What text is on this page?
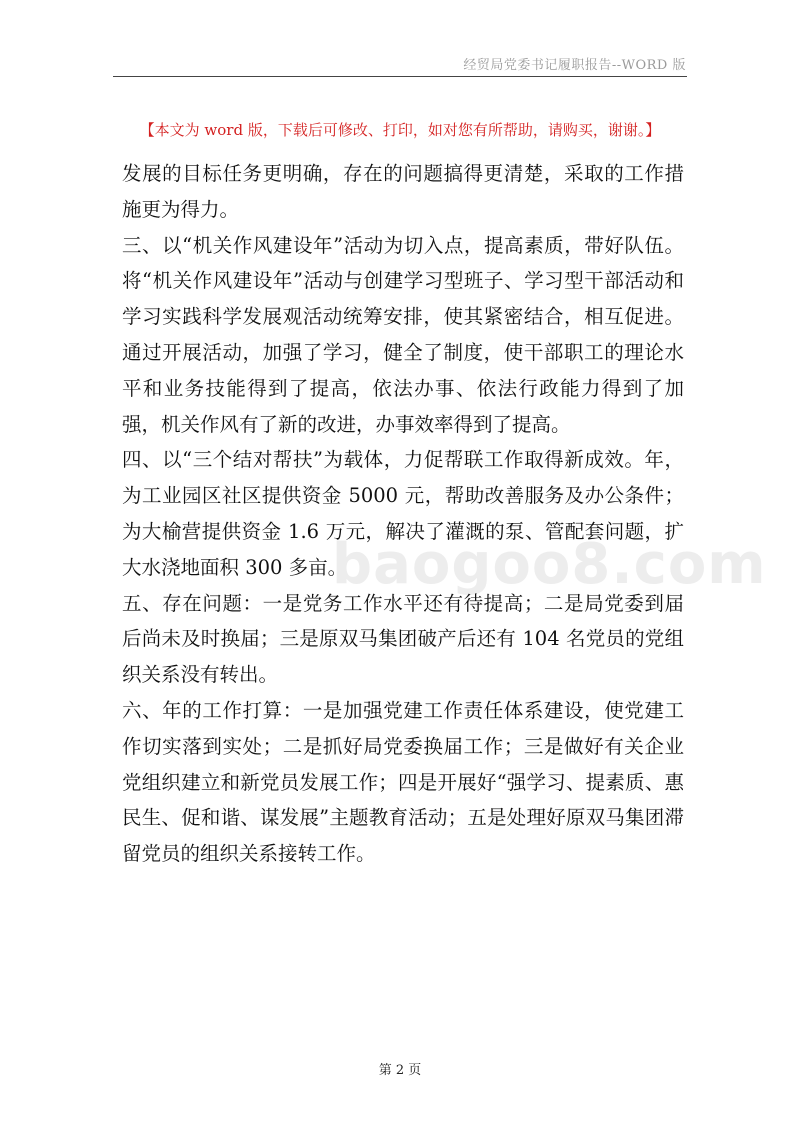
经贸局党委书记履职报告--WORD 版
【本文为 word 版，下载后可修改、打印，如对您有所帮助，请购买，谢谢。】
baogoo8.com

发展的目标任务更明确，存在的问题搞得更清楚，采取的工作措施更为得力。

三、以“机关作风建设年”活动为切入点，提高素质，带好队伍。将“机关作风建设年”活动与创建学习型班子、学习型干部活动和学习实践科学发展观活动统筹安排，使其紧密结合，相互促进。通过开展活动，加强了学习，健全了制度，使干部职工的理论水平和业务技能得到了提高，依法办事、依法行政能力得到了加强，机关作风有了新的改进，办事效率得到了提高。

四、以“三个结对帮扶”为载体，力促帮联工作取得新成效。年，为工业园区社区提供资金 5000 元，帮助改善服务及办公条件；为大榆营提供资金 1.6 万元，解决了灌溉的泵、管配套问题，扩大水浇地面积 300 多亩。

五、存在问题：一是党务工作水平还有待提高；二是局党委到届后尚未及时换届；三是原双马集团破产后还有 104 名党员的党组织关系没有转出。

六、年的工作打算：一是加强党建工作责任体系建设，使党建工作切实落到实处；二是抓好局党委换届工作；三是做好有关企业党组织建立和新党员发展工作；四是开展好“强学习、提素质、惠民生、促和谐、谋发展”主题教育活动；五是处理好原双马集团滞留党员的组织关系接转工作。

第 2 页
